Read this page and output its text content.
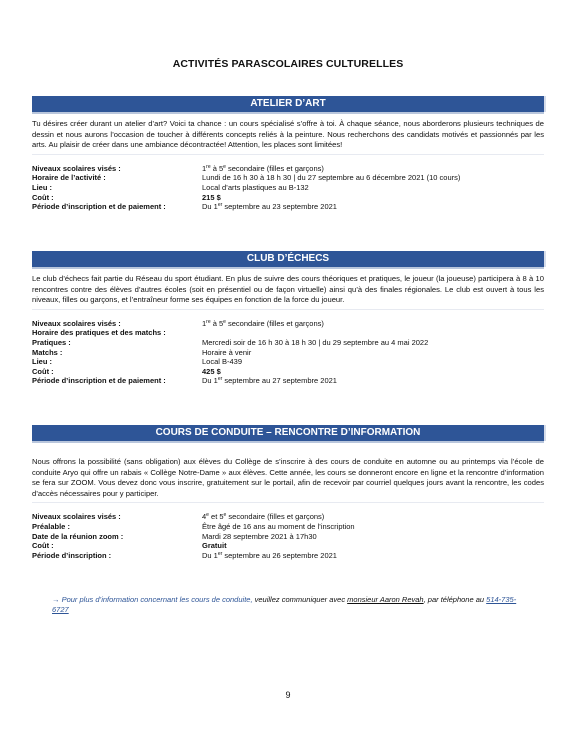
ACTIVITÉS PARASCOLAIRES CULTURELLES
ATELIER D’ART
Tu désires créer durant un atelier d’art? Voici ta chance : un cours spécialisé s’offre à toi. À chaque séance, nous aborderons plusieurs techniques de dessin et nous aurons l’occasion de toucher à différents concepts reliés à la peinture. Nous recherchons des candidats motivés et passionnés par les arts. Au plaisir de créer dans une ambiance décontractée! Attention, les places sont limitées!
Niveaux scolaires visés :	1re à 5e secondaire (filles et garçons)
Horaire de l’activité :	Lundi de 16 h 30 à 18 h 30 | du 27 septembre au 6 décembre 2021 (10 cours)
Lieu :	Local d’arts plastiques au B-132
Coût :	215 $
Période d’inscription et de paiement :	Du 1er septembre au 23 septembre 2021
CLUB D’ÉCHECS
Le club d’échecs fait partie du Réseau du sport étudiant. En plus de suivre des cours théoriques et pratiques, le joueur (la joueuse) participera à 8 à 10 rencontres contre des élèves d’autres écoles (soit en présentiel ou de façon virtuelle) ainsi qu’à des finales régionales. Le club est ouvert à tous les niveaux, filles ou garçons, et l’entraîneur forme ses équipes en fonction de la force du joueur.
Niveaux scolaires visés :	1re à 5e secondaire (filles et garçons)
Horaire des pratiques et des matchs :
Pratiques :	Mercredi soir de 16 h 30 à 18 h 30 | du 29 septembre au 4 mai 2022
Matchs :	Horaire à venir
Lieu :	Local B-439
Coût :	425 $
Période d’inscription et de paiement :	Du 1er septembre au 27 septembre 2021
COURS DE CONDUITE – RENCONTRE D’INFORMATION
Nous offrons la possibilité (sans obligation) aux élèves du Collège de s’inscrire à des cours de conduite en automne ou au printemps via l’école de conduite Aryo qui offre un rabais « Collège Notre-Dame » aux élèves. Cette année, les cours se donneront encore en ligne et la rencontre d’information se fera sur ZOOM. Vous devez donc vous inscrire, gratuitement sur le portail, afin de recevoir par courriel quelques jours avant la rencontre, les codes d’accès nécessaires pour y participer.
Niveaux scolaires visés :	4e et 5e secondaire (filles et garçons)
Préalable :	Être âgé de 16 ans au moment de l’inscription
Date de la réunion zoom :	Mardi 28 septembre 2021 à 17h30
Coût :	Gratuit
Période d’inscription :	Du 1er septembre au 26 septembre 2021
→ Pour plus d’information concernant les cours de conduite, veuillez communiquer avec monsieur Aaron Revah, par téléphone au 514-735-6727
9
